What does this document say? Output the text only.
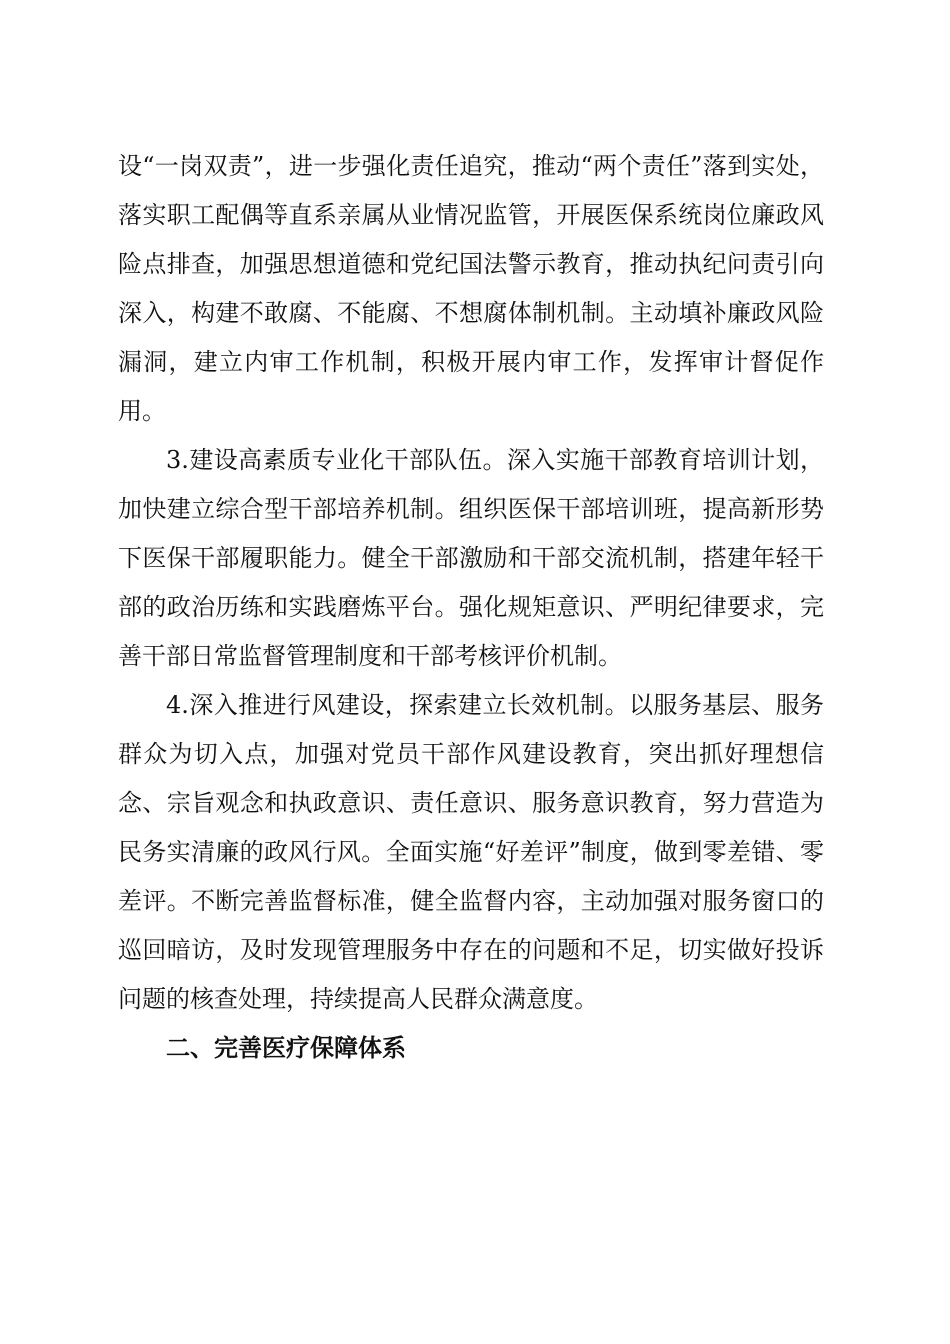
设“一岗双责”，进一步强化责任追究，推动“两个责任”落到实处，落实职工配偶等直系亲属从业情况监管，开展医保系统岗位廉政风险点排查，加强思想道德和党纪国法警示教育，推动执纪问责引向深入，构建不敢腐、不能腐、不想腐体制机制。主动填补廉政风险漏洞，建立内审工作机制，积极开展内审工作，发挥审计督促作用。

3.建设高素质专业化干部队伍。深入实施干部教育培训计划，加快建立综合型干部培养机制。组织医保干部培训班，提高新形势下医保干部履职能力。健全干部激励和干部交流机制，搭建年轻干部的政治历练和实践磨炼平台。强化规矩意识、严明纪律要求，完善干部日常监督管理制度和干部考核评价机制。

4.深入推进行风建设，探索建立长效机制。以服务基层、服务群众为切入点，加强对党员干部作风建设教育，突出抓好理想信念、宗旨观念和执政意识、责任意识、服务意识教育，努力营造为民务实清廉的政风行风。全面实施“好差评”制度，做到零差错、零差评。不断完善监督标准，健全监督内容，主动加强对服务窗口的巡回暗访，及时发现管理服务中存在的问题和不足，切实做好投诉问题的核查处理，持续提高人民群众满意度。

二、完善医疗保障体系
